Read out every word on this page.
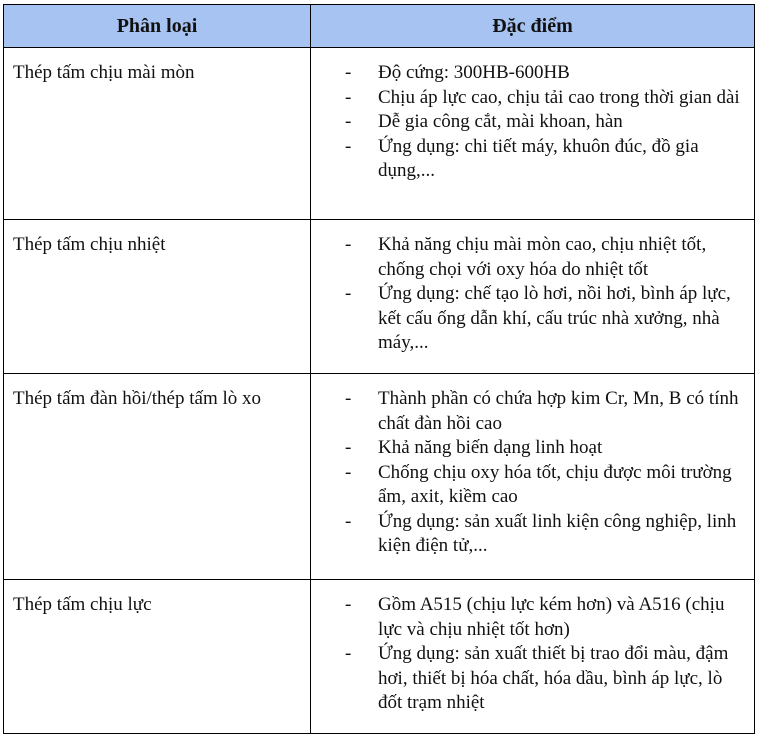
Phân loại	Đặc điểm
Thép tấm chịu mài mòn	- Độ cứng: 300HB-600HB
- Chịu áp lực cao, chịu tải cao trong thời gian dài
- Dễ gia công cắt, mài khoan, hàn
- Ứng dụng: chi tiết máy, khuôn đúc, đồ gia dụng,...

Thép tấm chịu nhiệt	- Khả năng chịu mài mòn cao, chịu nhiệt tốt, chống chọi với oxy hóa do nhiệt tốt
- Ứng dụng: chế tạo lò hơi, nồi hơi, bình áp lực, kết cấu ống dẫn khí, cấu trúc nhà xưởng, nhà máy,...

Thép tấm đàn hồi/thép tấm lò xo	- Thành phần có chứa hợp kim Cr, Mn, B có tính chất đàn hồi cao
- Khả năng biến dạng linh hoạt
- Chống chịu oxy hóa tốt, chịu được môi trường ẩm, axit, kiềm cao
- Ứng dụng: sản xuất linh kiện công nghiệp, linh kiện điện tử,...

Thép tấm chịu lực	- Gồm A515 (chịu lực kém hơn) và A516 (chịu lực và chịu nhiệt tốt hơn)
- Ứng dụng: sản xuất thiết bị trao đổi màu, đậm hơi, thiết bị hóa chất, hóa dầu, bình áp lực, lò đốt trạm nhiệt
